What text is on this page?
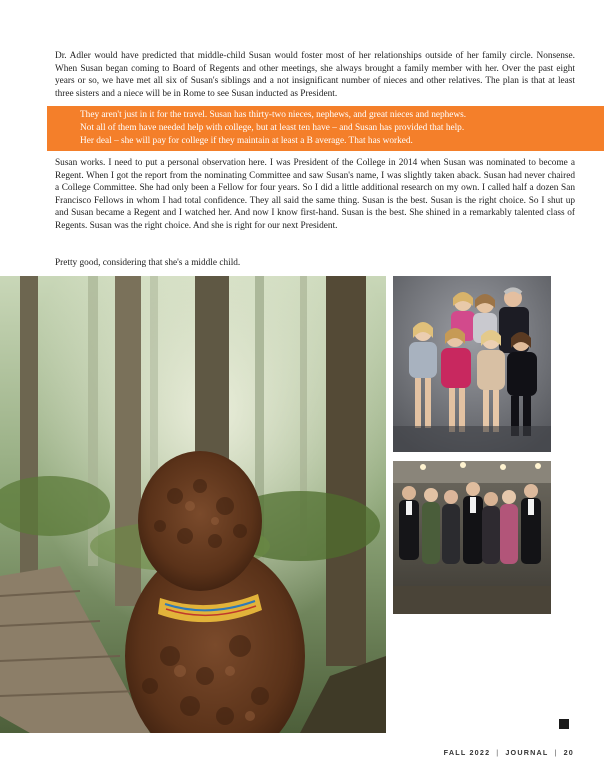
Dr. Adler would have predicted that middle-child Susan would foster most of her relationships outside of her family circle. Nonsense. When Susan began coming to Board of Regents and other meetings, she always brought a family member with her. Over the past eight years or so, we have met all six of Susan's siblings and a not insignificant number of nieces and other relatives. The plan is that at least three sisters and a niece will be in Rome to see Susan inducted as President.

They aren't just in it for the travel. Susan has thirty-two nieces, nephews, and great nieces and nephews.
Not all of them have needed help with college, but at least ten have – and Susan has provided that help.
Her deal – she will pay for college if they maintain at least a B average. That has worked.

Susan works. I need to put a personal observation here. I was President of the College in 2014 when Susan was nominated to become a Regent. When I got the report from the nominating Committee and saw Susan's name, I was slightly taken aback. Susan had never chaired a College Committee. She had only been a Fellow for four years. So I did a little additional research on my own. I called half a dozen San Francisco Fellows in whom I had total confidence. They all said the same thing. Susan is the best. Susan is the right choice. So I shut up and Susan became a Regent and I watched her. And now I know first-hand. Susan is the best. She shined in a remarkably talented class of Regents. Susan was the right choice. And she is right for our next President.

Pretty good, considering that she's a middle child.

FALL 2022 | JOURNAL | 20
